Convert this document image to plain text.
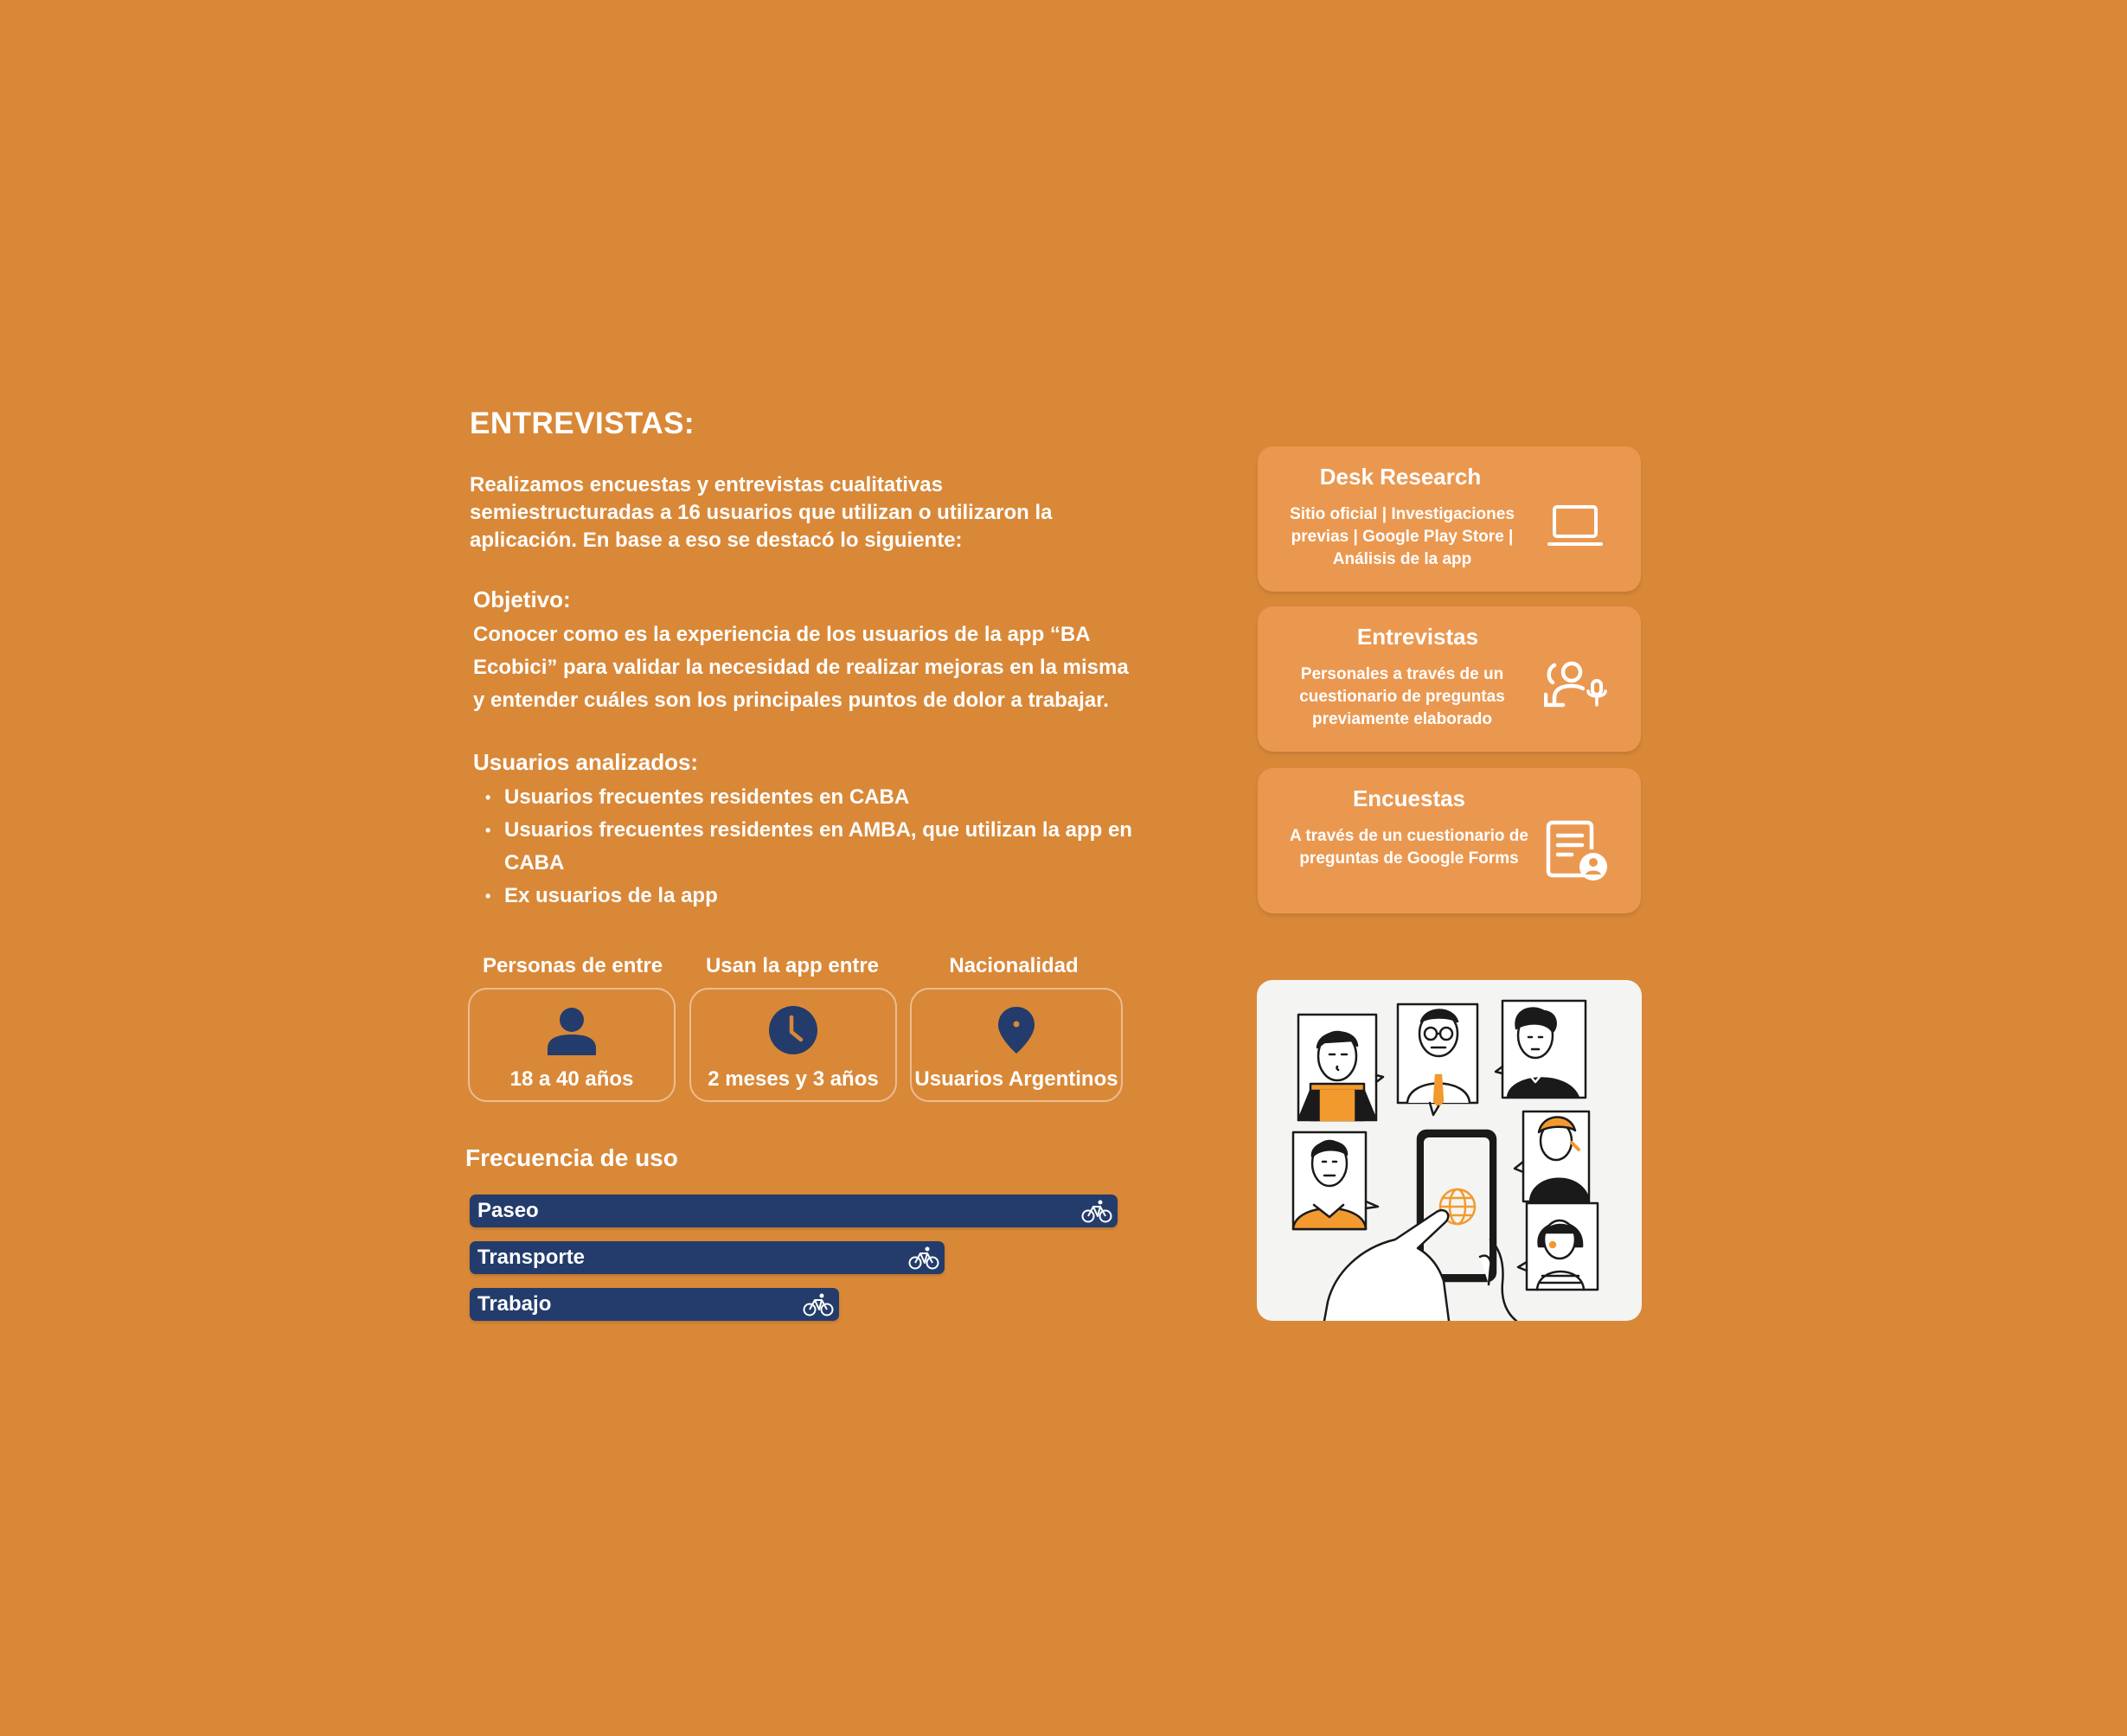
ENTREVISTAS:
Realizamos encuestas y entrevistas cualitativas semiestructuradas a 16 usuarios que utilizan o utilizaron la aplicación. En base a eso se destacó lo siguiente:
Objetivo:
Conocer como es la experiencia de los usuarios de la app “BA Ecobici” para validar la necesidad de realizar mejoras en la misma y entender cuáles son los principales puntos de dolor a trabajar.
Usuarios analizados:
• Usuarios frecuentes residentes en CABA
• Usuarios frecuentes residentes en AMBA, que utilizan la app en CABA
• Ex usuarios de la app
Personas de entre	Usan la app entre	Nacionalidad
18 a 40 años	2 meses y 3 años	Usuarios Argentinos
Frecuencia de uso
Paseo
Transporte
Trabajo
Desk Research
Sitio oficial | Investigaciones previas | Google Play Store | Análisis de la app
Entrevistas
Personales a través de un cuestionario de preguntas previamente elaborado
Encuestas
A través de un cuestionario de preguntas de Google Forms
